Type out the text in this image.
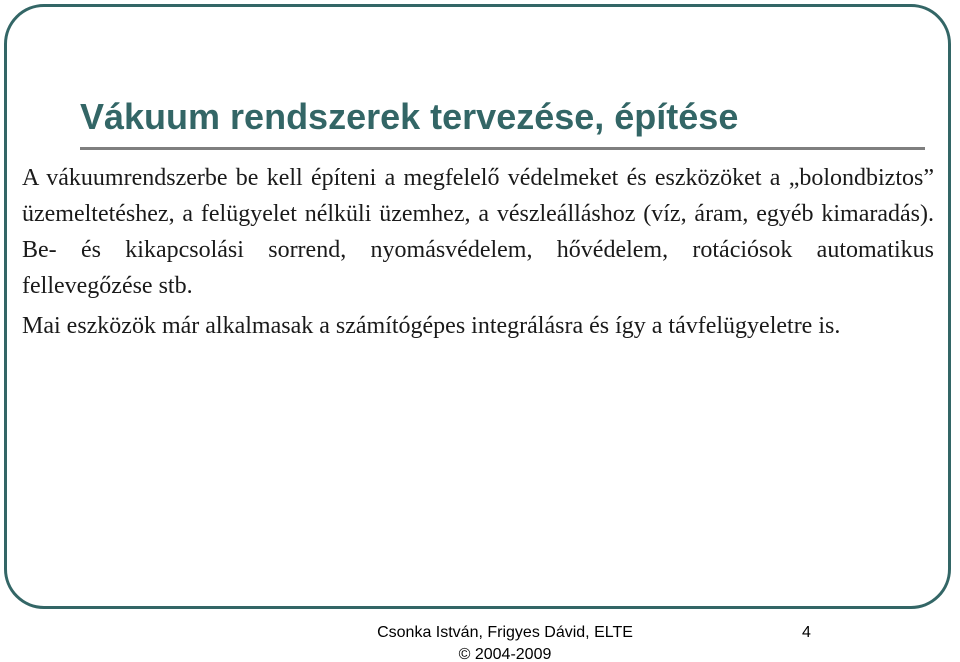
Vákuum rendszerek tervezése, építése

A vákuumrendszerbe be kell építeni a megfelelő védelmeket és eszközöket a „bolondbiztos” üzemeltetéshez, a felügyelet nélküli üzemhez, a vészleálláshoz (víz, áram, egyéb kimaradás). Be- és kikapcsolási sorrend, nyomásvédelem, hővédelem, rotációsok automatikus fellevegőzése stb.

Mai eszközök már alkalmasak a számítógépes integrálásra és így a távfelügyeletre is.

Csonka István, Frigyes Dávid, ELTE
© 2004-2009
4
